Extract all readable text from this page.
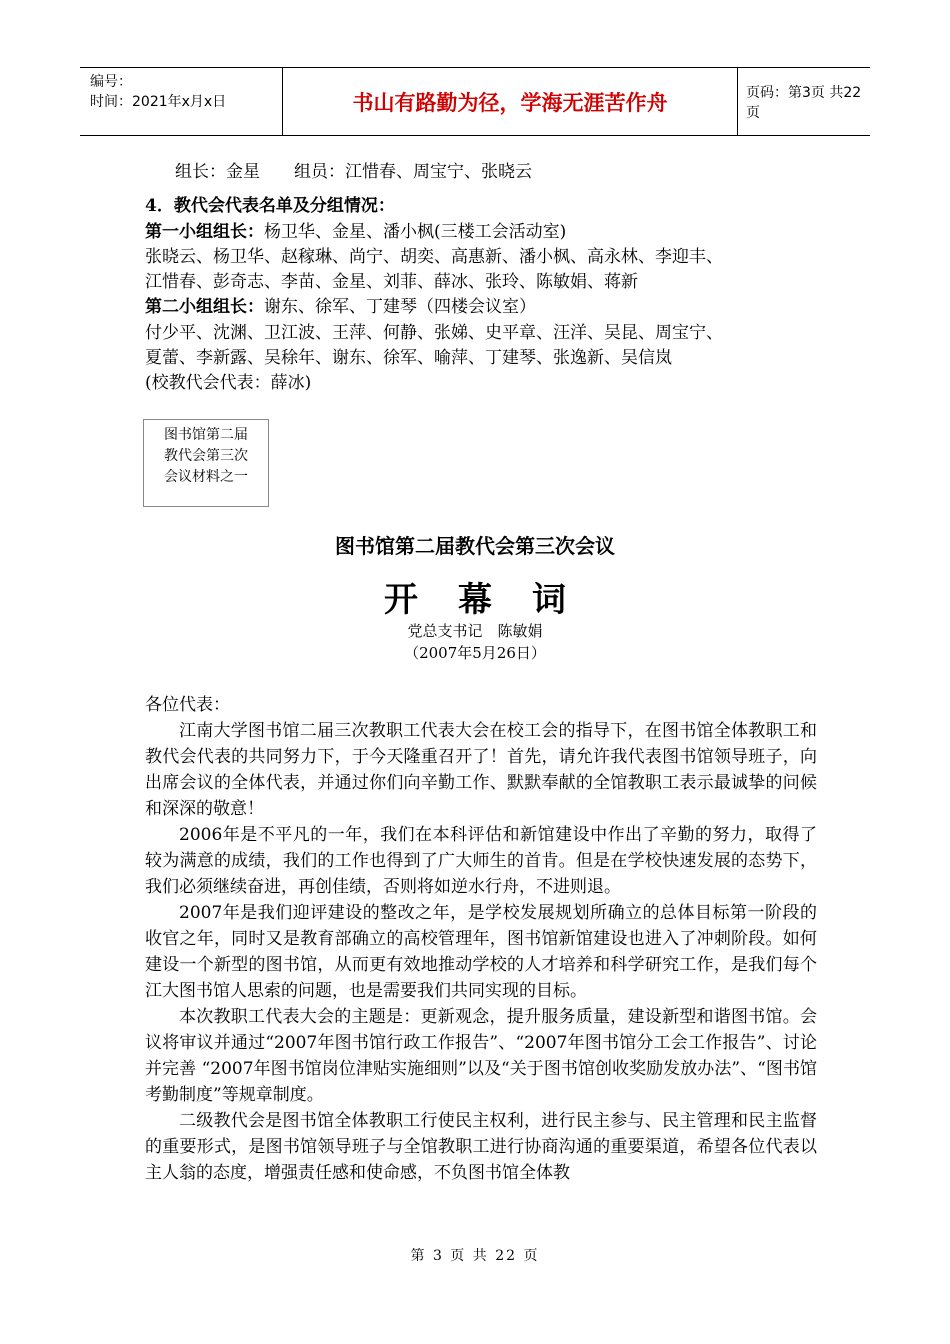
编号：
时间：2021年x月x日	书山有路勤为径，学海无涯苦作舟	页码：第3页 共22页
组长：金星　　组员：江惜春、周宝宁、张晓云
4．教代会代表名单及分组情况：
第一小组组长：杨卫华、金星、潘小枫(三楼工会活动室)
张晓云、杨卫华、赵稼琳、尚宁、胡奕、高惠新、潘小枫、高永林、李迎丰、
江惜春、彭奇志、李苗、金星、刘菲、薛冰、张玲、陈敏娟、蒋新
第二小组组长：谢东、徐军、丁建琴（四楼会议室）
付少平、沈渊、卫江波、王萍、何静、张娣、史平章、汪洋、吴昆、周宝宁、
夏蕾、李新露、吴稌年、谢东、徐军、喻萍、丁建琴、张逸新、吴信岚
(校教代会代表：薛冰)
图书馆第二届
教代会第三次
会议材料之一
图书馆第二届教代会第三次会议
开幕词
党总支书记　陈敏娟
（2007年5月26日）

各位代表：

江南大学图书馆二届三次教职工代表大会在校工会的指导下，在图书馆全体教职工和教代会代表的共同努力下，于今天隆重召开了！首先，请允许我代表图书馆领导班子，向出席会议的全体代表，并通过你们向辛勤工作、默默奉献的全馆教职工表示最诚挚的问候和深深的敬意！

2006年是不平凡的一年，我们在本科评估和新馆建设中作出了辛勤的努力，取得了较为满意的成绩，我们的工作也得到了广大师生的首肯。但是在学校快速发展的态势下，我们必须继续奋进，再创佳绩，否则将如逆水行舟，不进则退。

2007年是我们迎评建设的整改之年，是学校发展规划所确立的总体目标第一阶段的收官之年，同时又是教育部确立的高校管理年，图书馆新馆建设也进入了冲刺阶段。如何建设一个新型的图书馆，从而更有效地推动学校的人才培养和科学研究工作，是我们每个江大图书馆人思索的问题，也是需要我们共同实现的目标。

本次教职工代表大会的主题是：更新观念，提升服务质量，建设新型和谐图书馆。会议将审议并通过“2007年图书馆行政工作报告”、“2007年图书馆分工会工作报告”、讨论并完善 “2007年图书馆岗位津贴实施细则”以及“关于图书馆创收奖励发放办法”、“图书馆考勤制度”等规章制度。

二级教代会是图书馆全体教职工行使民主权利，进行民主参与、民主管理和民主监督的重要形式，是图书馆领导班子与全馆教职工进行协商沟通的重要渠道，希望各位代表以主人翁的态度，增强责任感和使命感，不负图书馆全体教

第 3 页 共 22 页
